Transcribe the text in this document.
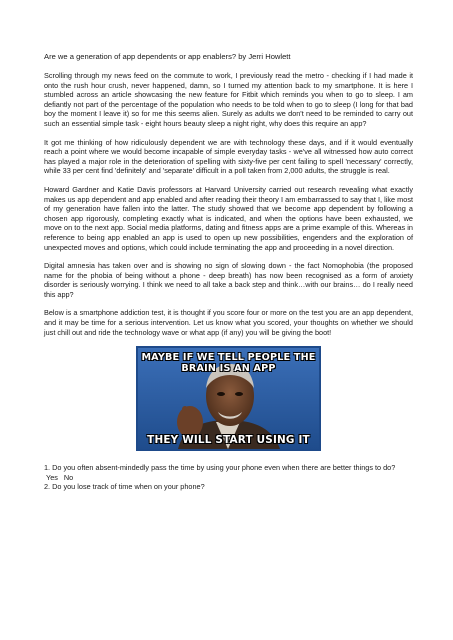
Are we a generation of app dependents or app enablers? by Jerri Howlett

Scrolling through my news feed on the commute to work, I previously read the metro - checking if I had made it onto the rush hour crush, never happened, damn, so I turned my attention back to my smartphone. It is here I stumbled across an article showcasing the new feature for Fitbit which reminds you when to go to sleep. I am defiantly not part of the percentage of the population who needs to be told when to go to sleep (I long for that bad boy the moment I leave it) so for me this seems alien. Surely as adults we don't need to be reminded to carry out such an essential simple task - eight hours beauty sleep a night right, why does this require an app?

It got me thinking of how ridiculously dependent we are with technology these days, and if it would eventually reach a point where we would become incapable of simple everyday tasks - we've all witnessed how auto correct has played a major role in the deterioration of spelling with sixty-five per cent failing to spell 'necessary' correctly, while 33 per cent find 'definitely' and 'separate' difficult in a poll taken from 2,000 adults, the struggle is real.

Howard Gardner and Katie Davis professors at Harvard University carried out research revealing what exactly makes us app dependent and app enabled and after reading their theory I am embarrassed to say that I, like most of my generation have fallen into the latter. The study showed that we become app dependent by following a chosen app rigorously, completing exactly what is indicated, and when the options have been exhausted, we move on to the next app. Social media platforms, dating and fitness apps are a prime example of this. Whereas in reference to being app enabled an app is used to open up new possibilities, engenders and the exploration of unexpected moves and options, which could include terminating the app and proceeding in a novel direction.

Digital amnesia has taken over and is showing no sign of slowing down - the fact Nomophobia (the proposed name for the phobia of being without a phone - deep breath) has now been recognised as a form of anxiety disorder is seriously worrying. I think we need to all take a back step and think…with our brains… do I really need this app?

Below is a smartphone addiction test, it is thought if you score four or more on the test you are an app dependent, and it may be time for a serious intervention. Let us know what you scored, your thoughts on whether we should just chill out and ride the technology wave or what app (if any) you will be giving the boot!

MAYBE IF WE TELL PEOPLE THE
BRAIN IS AN APP
THEY WILL START USING IT

1. Do you often absent-mindedly pass the time by using your phone even when there are better things to do?

Yes No

2. Do you lose track of time when on your phone?
